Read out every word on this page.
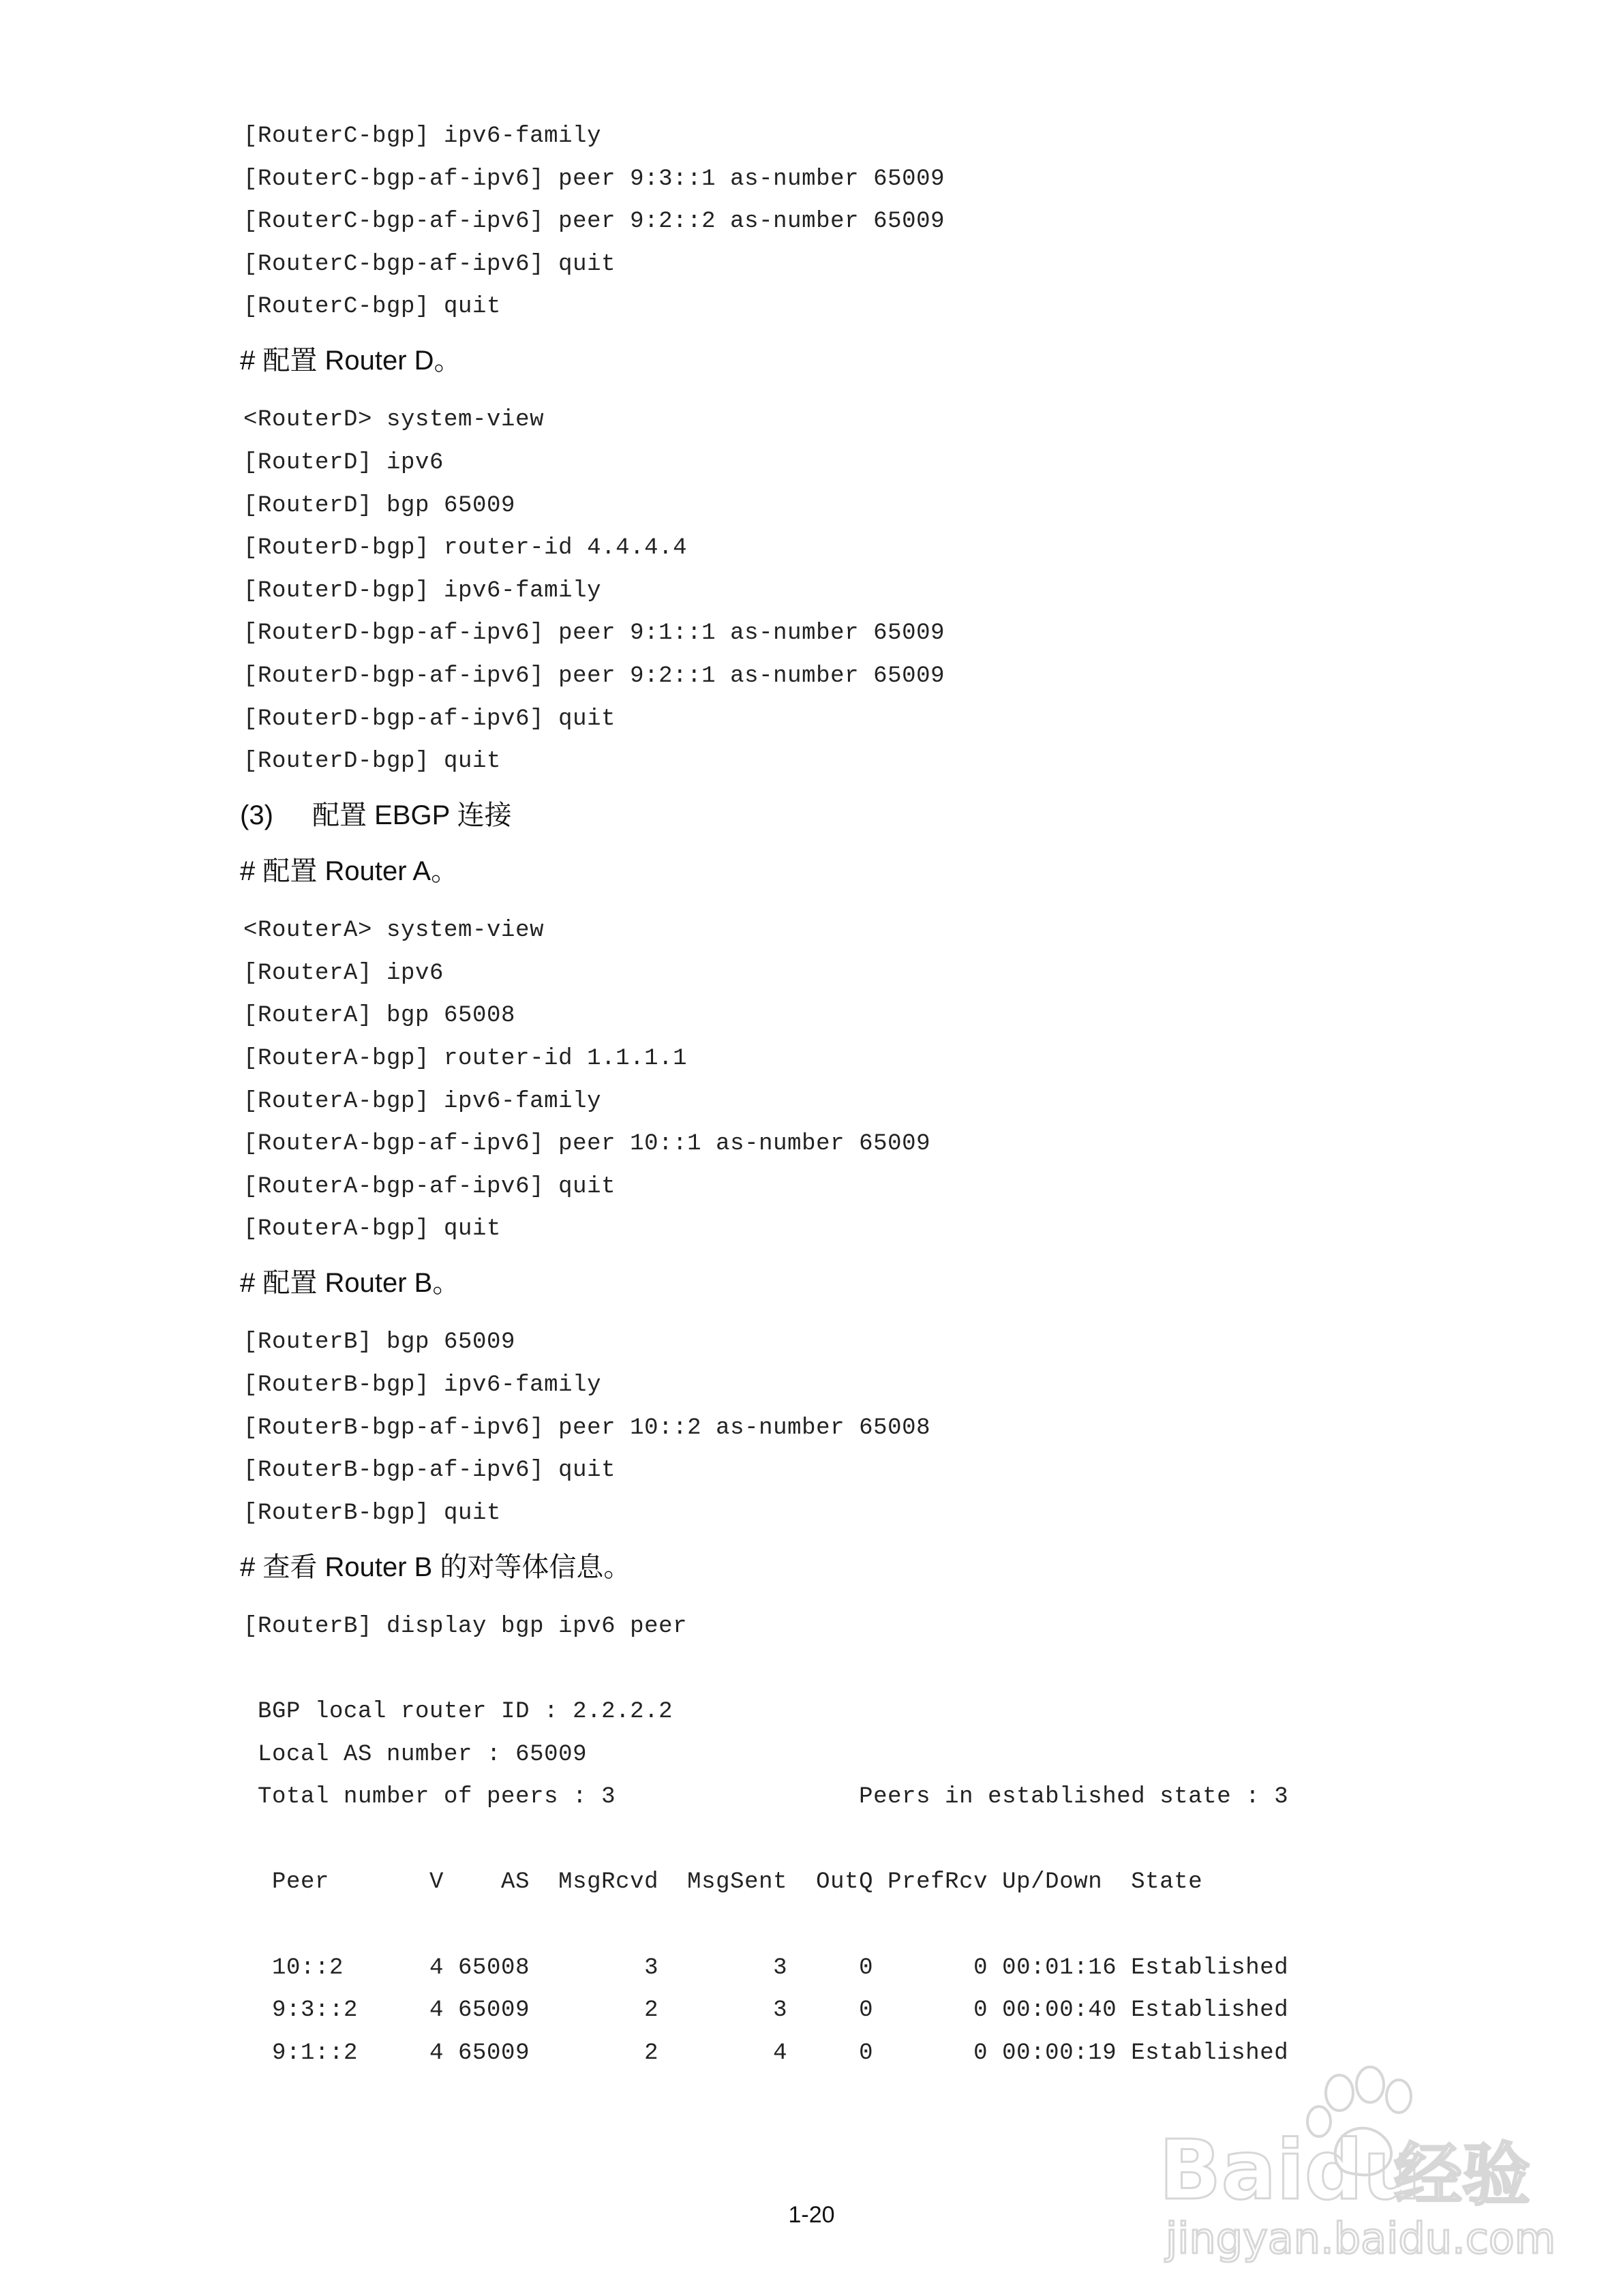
[RouterC-bgp] ipv6-family
[RouterC-bgp-af-ipv6] peer 9:3::1 as-number 65009
[RouterC-bgp-af-ipv6] peer 9:2::2 as-number 65009
[RouterC-bgp-af-ipv6] quit
[RouterC-bgp] quit
# 配置 Router D。
<RouterD> system-view
[RouterD] ipv6
[RouterD] bgp 65009
[RouterD-bgp] router-id 4.4.4.4
[RouterD-bgp] ipv6-family
[RouterD-bgp-af-ipv6] peer 9:1::1 as-number 65009
[RouterD-bgp-af-ipv6] peer 9:2::1 as-number 65009
[RouterD-bgp-af-ipv6] quit
[RouterD-bgp] quit
(3) 配置 EBGP 连接
# 配置 Router A。
<RouterA> system-view
[RouterA] ipv6
[RouterA] bgp 65008
[RouterA-bgp] router-id 1.1.1.1
[RouterA-bgp] ipv6-family
[RouterA-bgp-af-ipv6] peer 10::1 as-number 65009
[RouterA-bgp-af-ipv6] quit
[RouterA-bgp] quit
# 配置 Router B。
[RouterB] bgp 65009
[RouterB-bgp] ipv6-family
[RouterB-bgp-af-ipv6] peer 10::2 as-number 65008
[RouterB-bgp-af-ipv6] quit
[RouterB-bgp] quit
# 查看 Router B 的对等体信息。
[RouterB] display bgp ipv6 peer
BGP local router ID : 2.2.2.2
Local AS number : 65009
Total number of peers : 3                 Peers in established state : 3
Peer       V    AS  MsgRcvd  MsgSent  OutQ PrefRcv Up/Down  State
10::2      4 65008        3        3     0       0 00:01:16 Established
9:3::2     4 65009        2        3     0       0 00:00:40 Established
9:1::2     4 65009        2        4     0       0 00:00:19 Established
1-20	Baidu
经验
jingyan.baidu.com
